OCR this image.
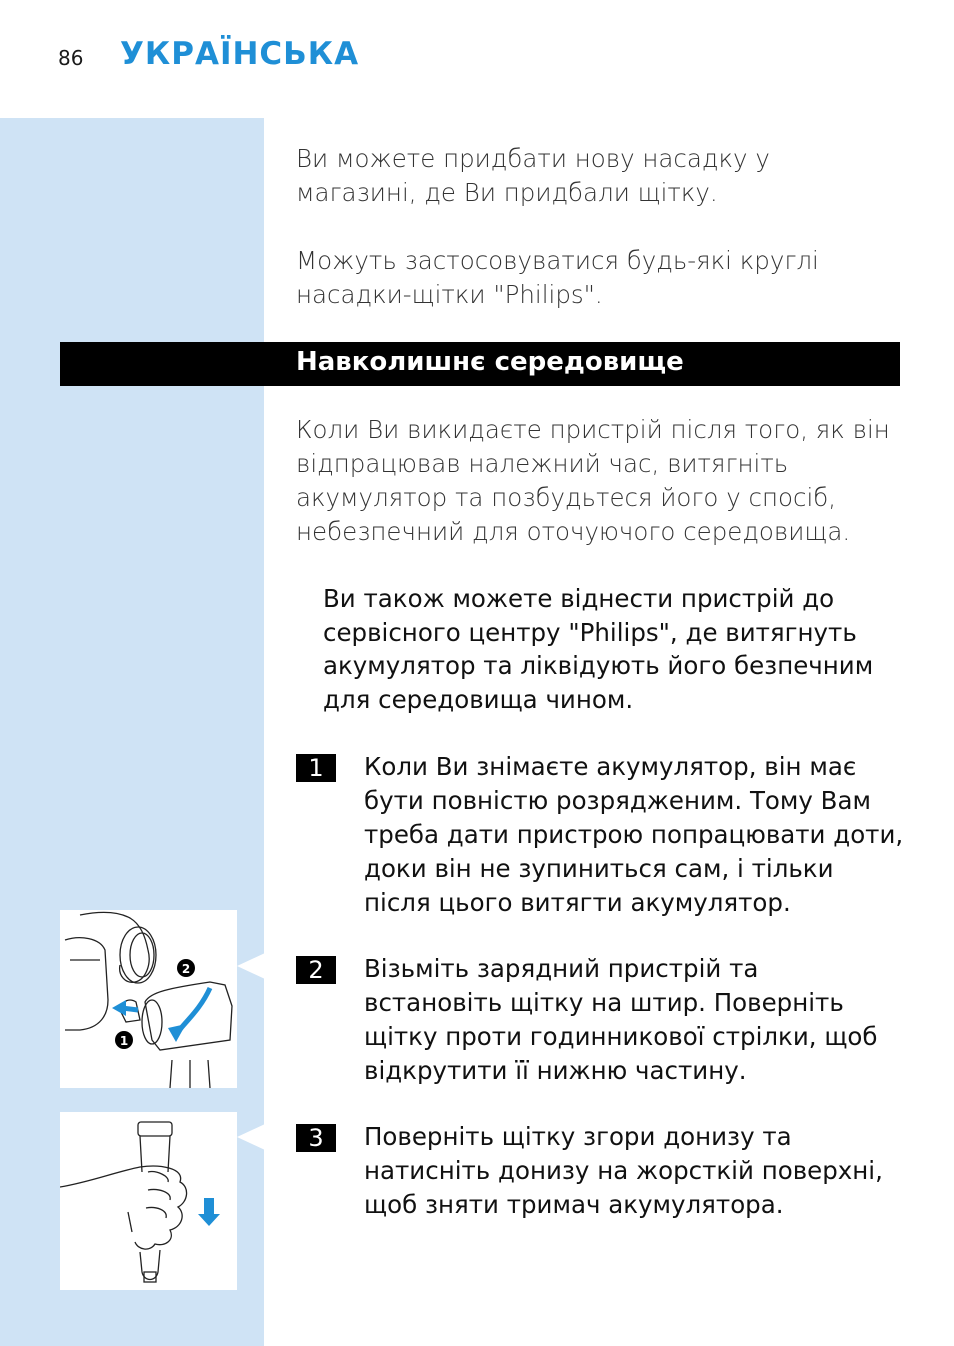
86 УКРАЇНСЬКА
Ви можете придбати нову насадку у магазині, де Ви придбали щітку.
Можуть застосовуватися будь-які круглі насадки-щітки "Philips".
Навколишнє середовище
Коли Ви викидаєте пристрій після того, як він відпрацював належний час, витягніть акумулятор та позбудьтеся його у спосіб, небезпечний для оточуючого середовища.
Ви також можете віднести пристрій до сервісного центру "Philips", де витягнуть акумулятор та ліквідують його безпечним для середовища чином.
1	Коли Ви знімаєте акумулятор, він має бути повністю розрядженим. Тому Вам треба дати пристрою попрацювати доти, доки він не зупиниться сам, і тільки після цього витягти акумулятор.
2	Візьміть зарядний пристрій та встановіть щітку на штир. Поверніть щітку проти годинникової стрілки, щоб відкрутити її нижню частину.
3	Поверніть щітку згори донизу та натисніть донизу на жорсткій поверхні, щоб зняти тримач акумулятора.
2
1
